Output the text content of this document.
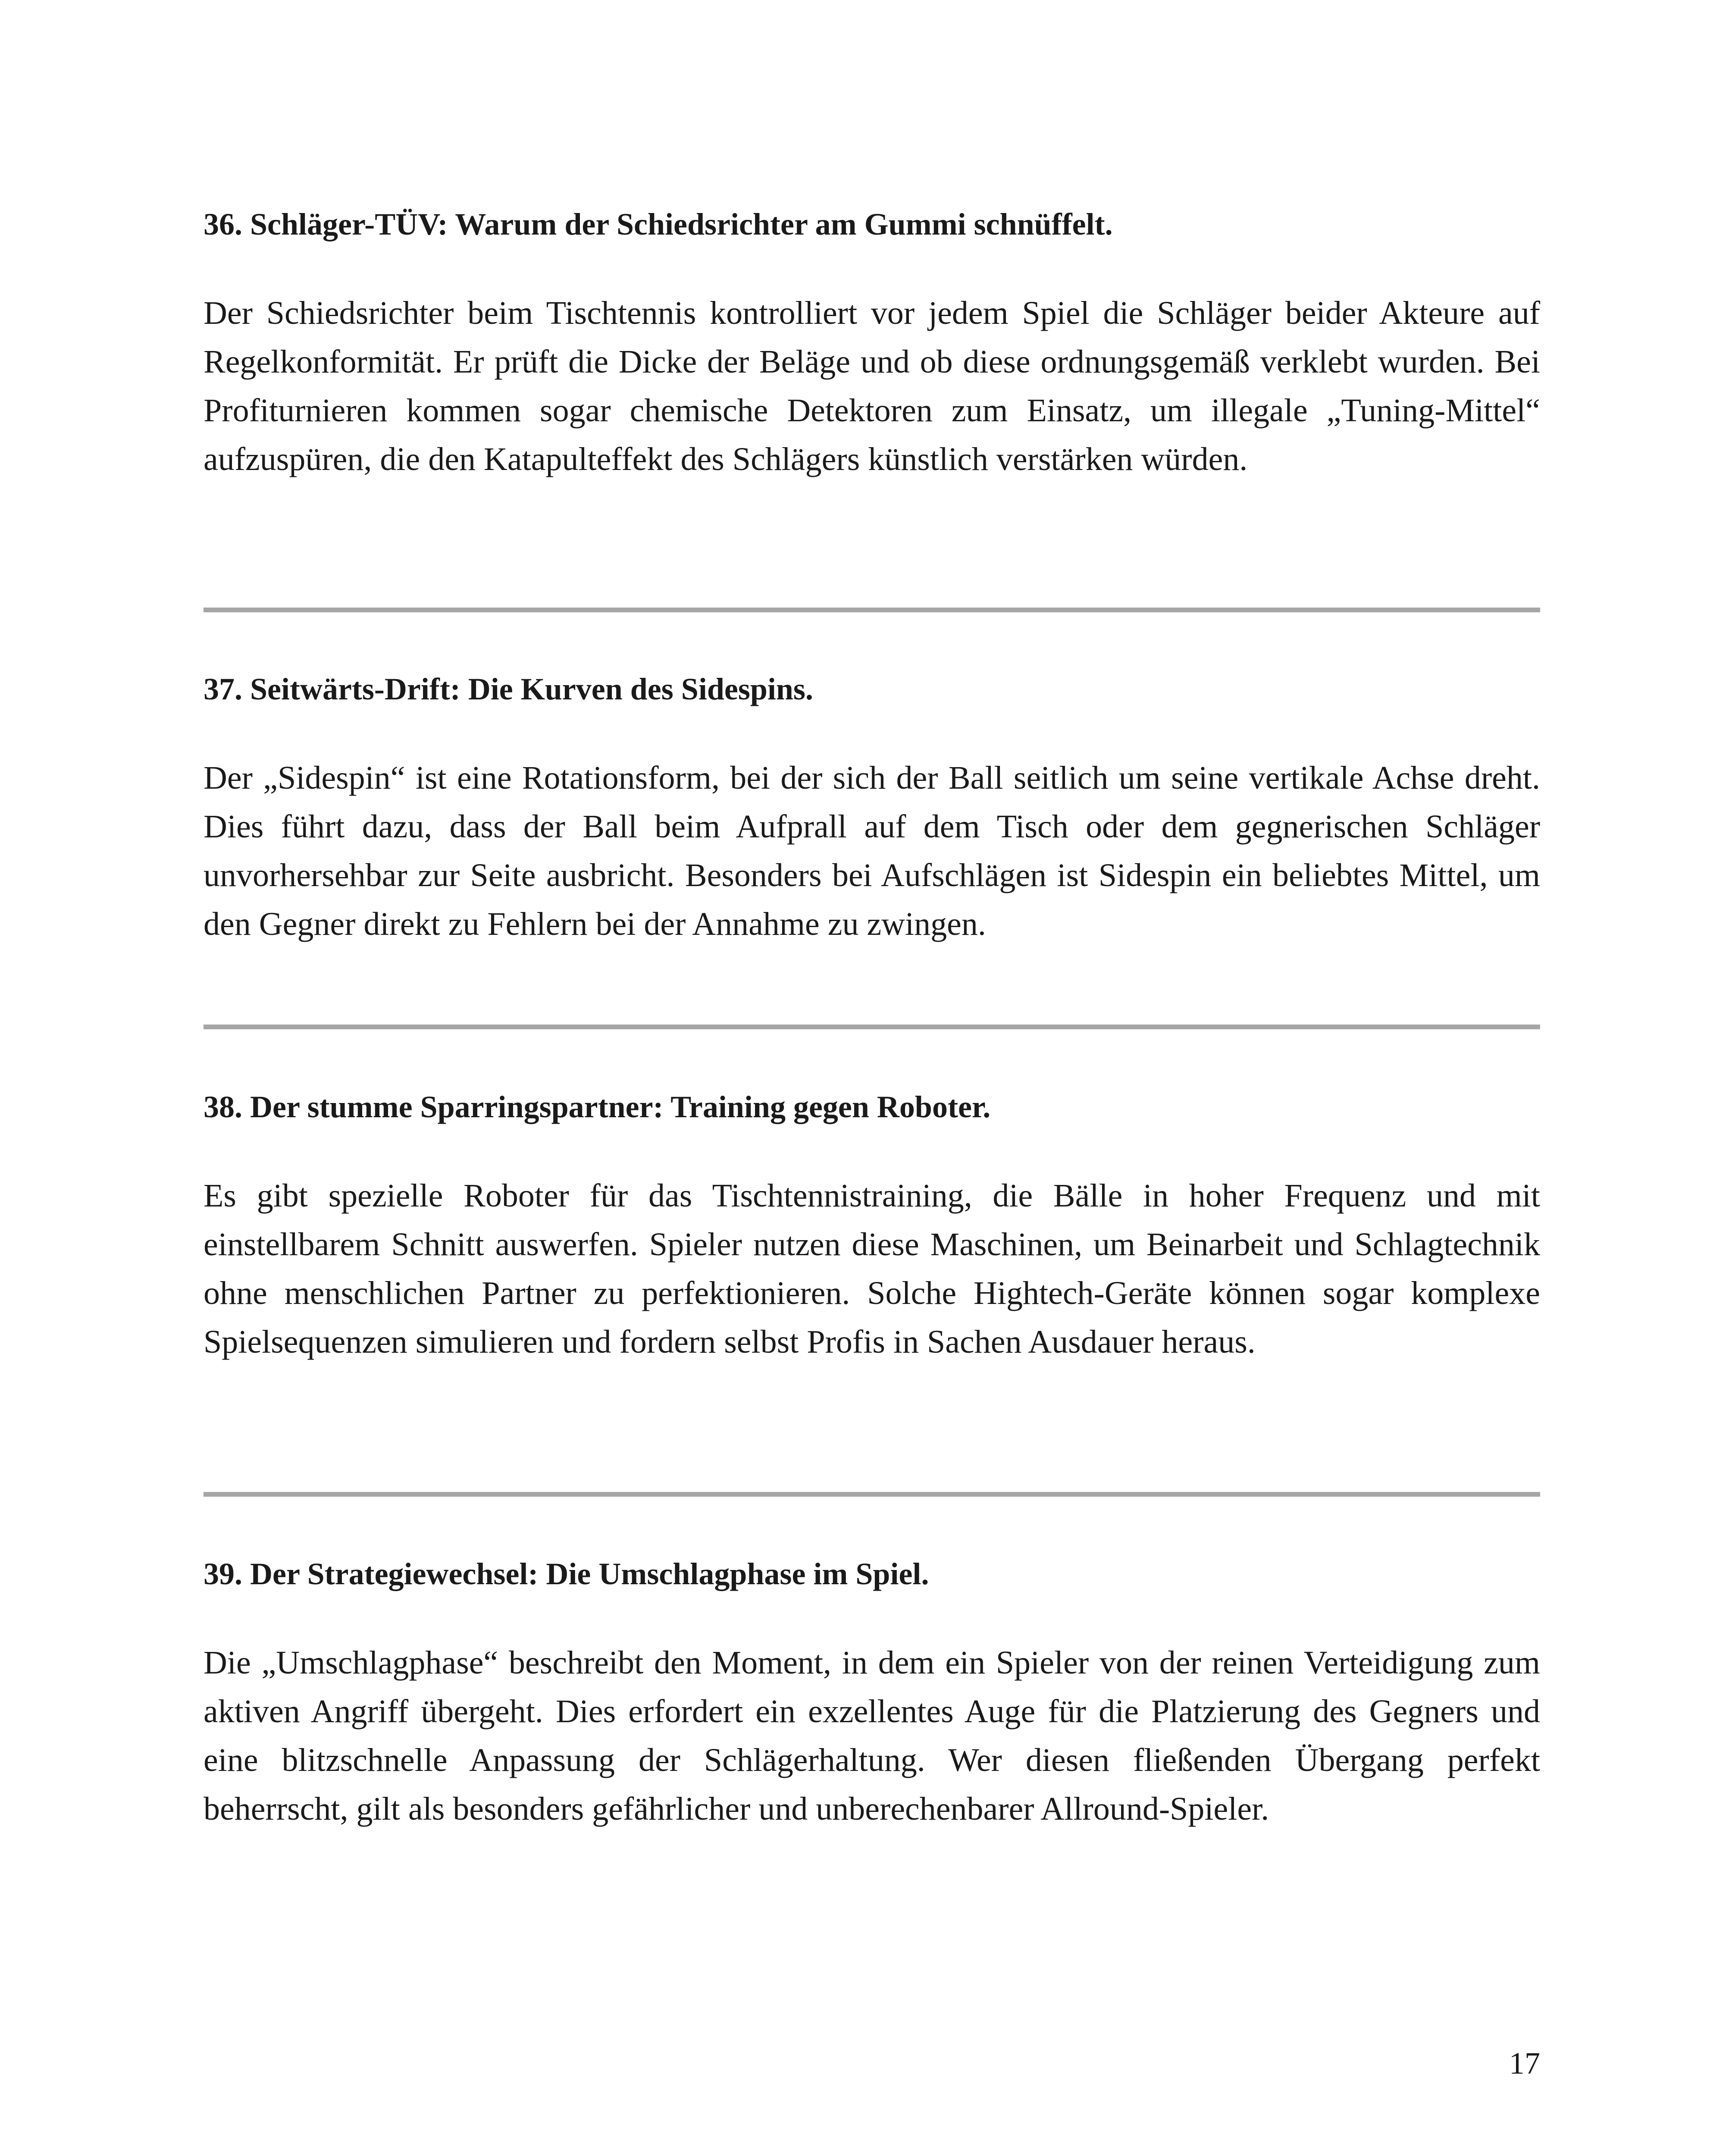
36. Schläger-TÜV: Warum der Schiedsrichter am Gummi schnüffelt.

Der Schiedsrichter beim Tischtennis kontrolliert vor jedem Spiel die Schläger beider Akteure auf Regelkonformität. Er prüft die Dicke der Beläge und ob diese ordnungsgemäß verklebt wurden. Bei Profiturnieren kommen sogar chemische Detektoren zum Einsatz, um illegale „Tuning-Mittel“ aufzuspüren, die den Katapulteffekt des Schlägers künstlich verstärken würden.

37. Seitwärts-Drift: Die Kurven des Sidespins.

Der „Sidespin“ ist eine Rotationsform, bei der sich der Ball seitlich um seine vertikale Achse dreht. Dies führt dazu, dass der Ball beim Aufprall auf dem Tisch oder dem gegnerischen Schläger unvorhersehbar zur Seite ausbricht. Besonders bei Aufschlägen ist Sidespin ein beliebtes Mittel, um den Gegner direkt zu Fehlern bei der Annahme zu zwingen.

38. Der stumme Sparringspartner: Training gegen Roboter.

Es gibt spezielle Roboter für das Tischtennistraining, die Bälle in hoher Frequenz und mit einstellbarem Schnitt auswerfen. Spieler nutzen diese Maschinen, um Beinarbeit und Schlagtechnik ohne menschlichen Partner zu perfektionieren. Solche Hightech-Geräte können sogar komplexe Spielsequenzen simulieren und fordern selbst Profis in Sachen Ausdauer heraus.

39. Der Strategiewechsel: Die Umschlagphase im Spiel.

Die „Umschlagphase“ beschreibt den Moment, in dem ein Spieler von der reinen Verteidigung zum aktiven Angriff übergeht. Dies erfordert ein exzellentes Auge für die Platzierung des Gegners und eine blitzschnelle Anpassung der Schlägerhaltung. Wer diesen fließenden Übergang perfekt beherrscht, gilt als besonders gefährlicher und unberechenbarer Allround-Spieler.

17
